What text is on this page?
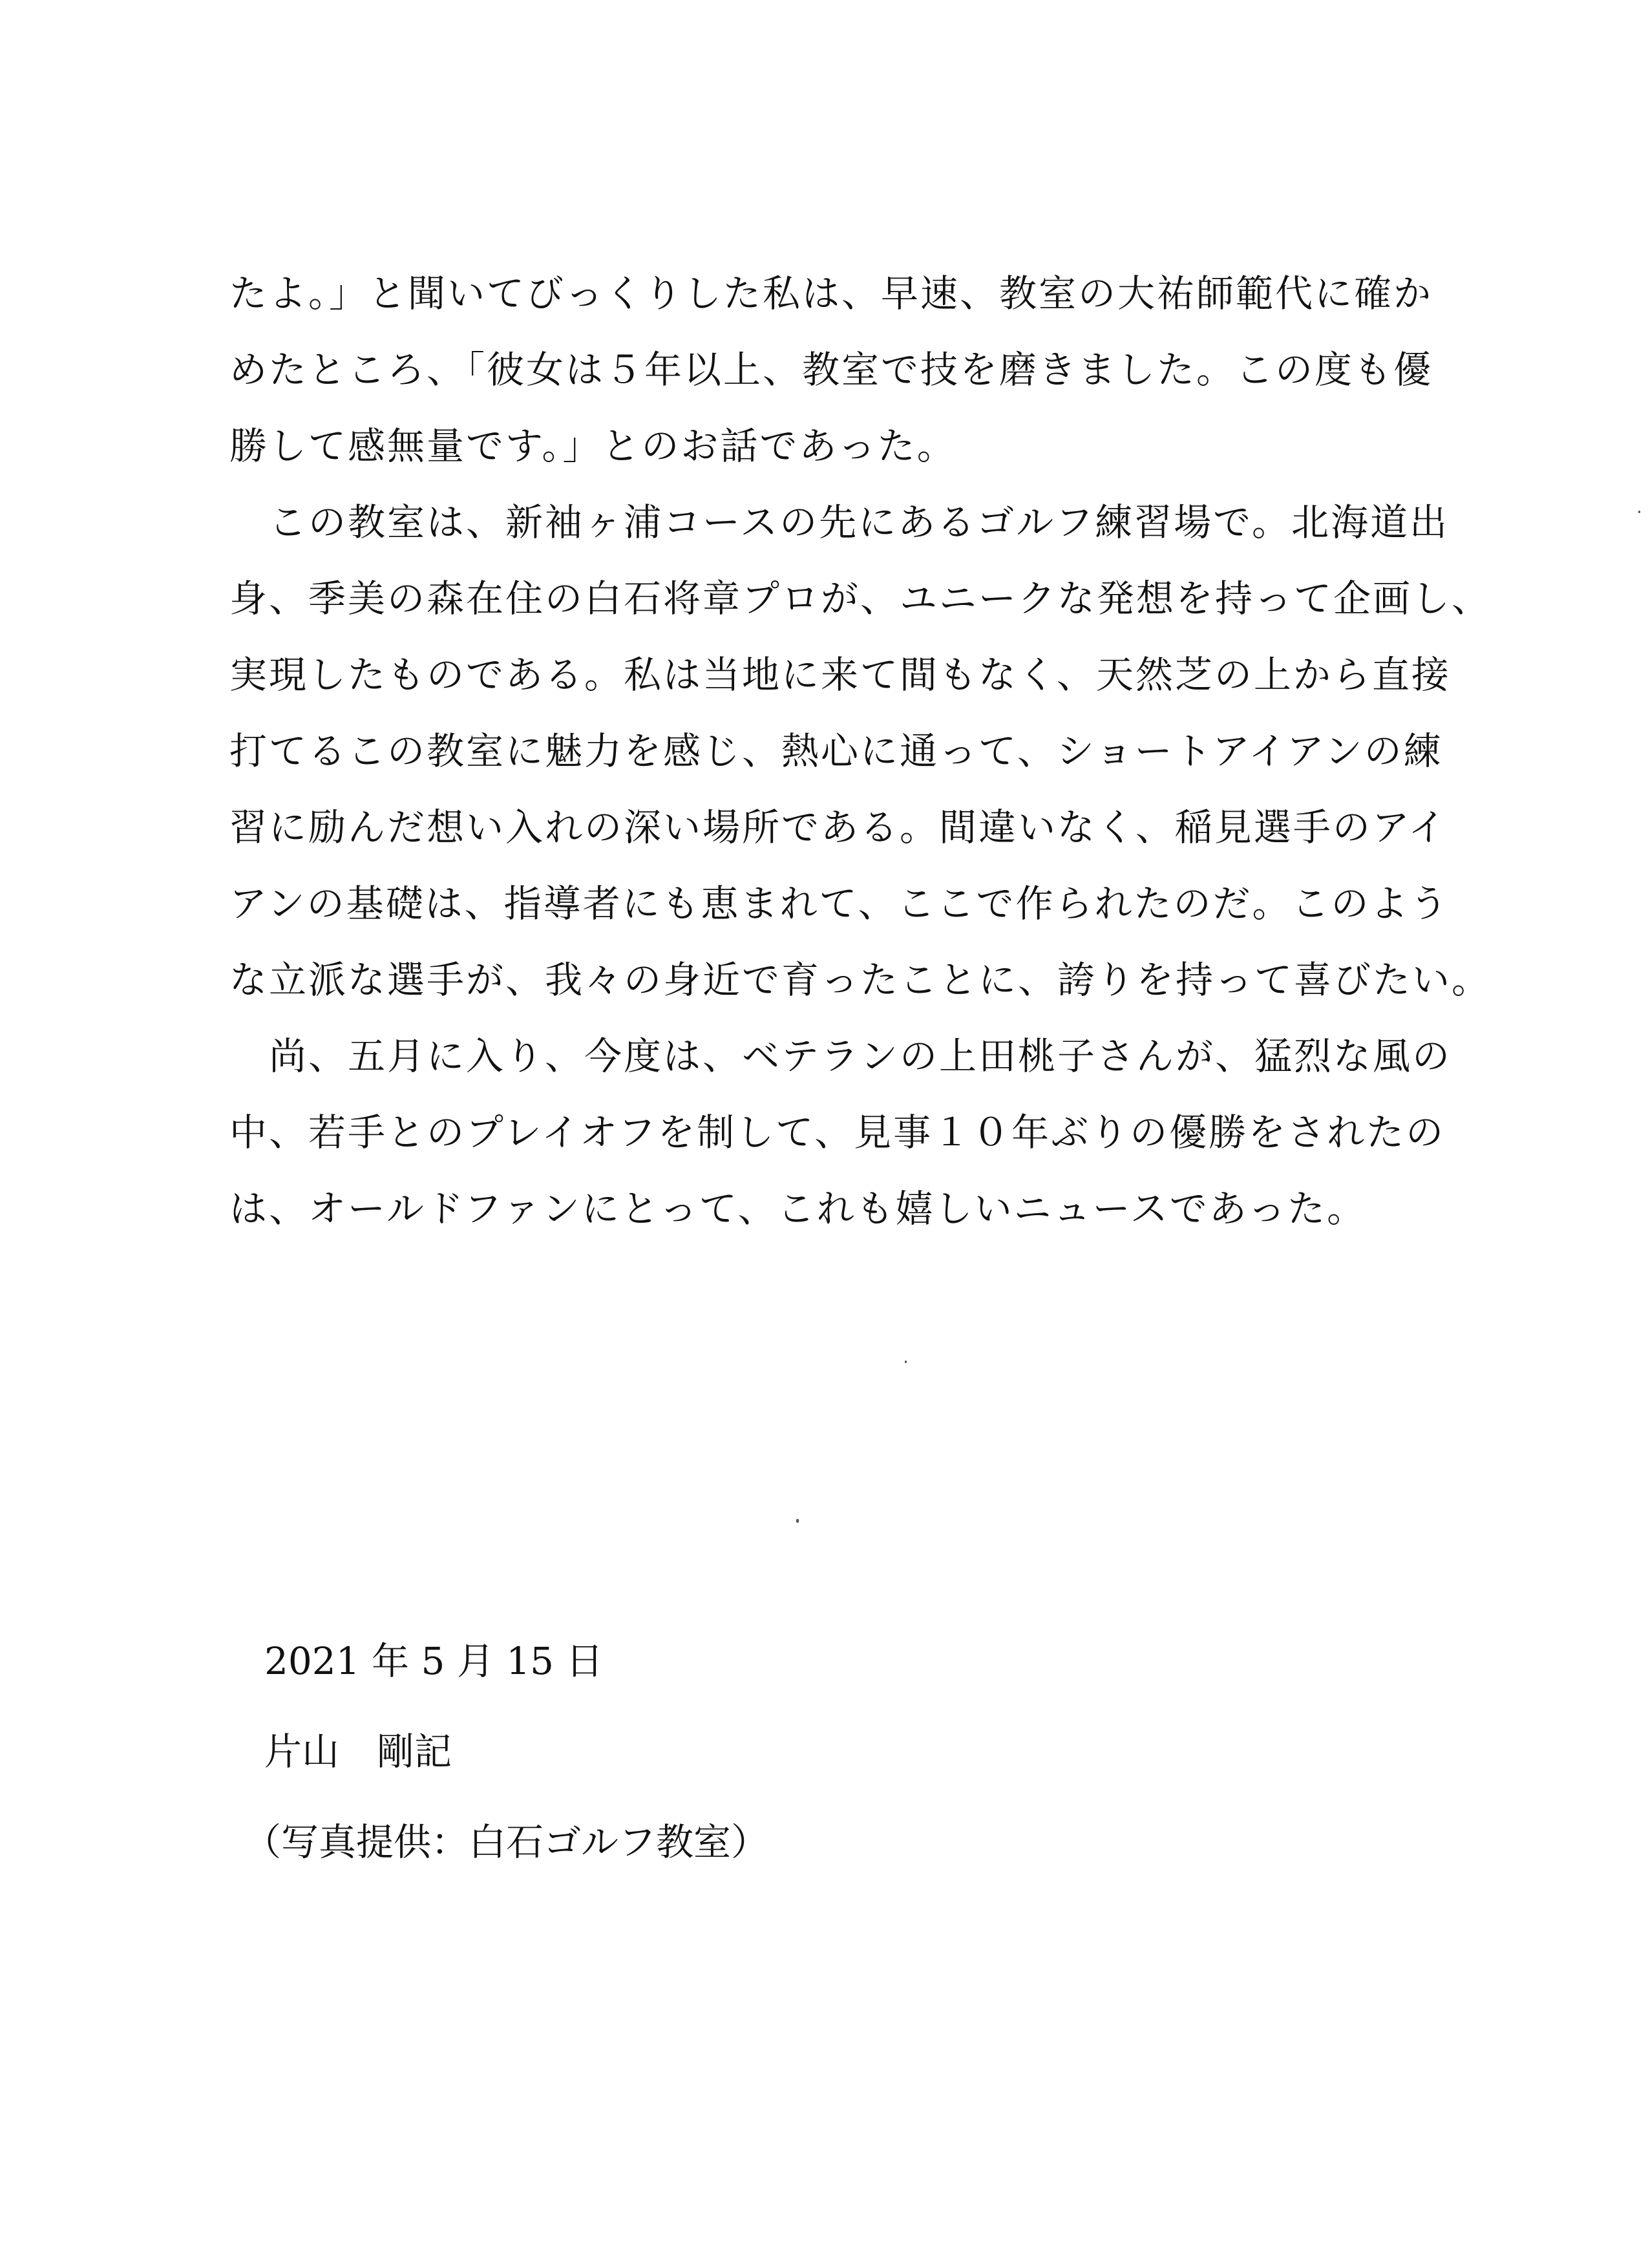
たよ。」と聞いてびっくりした私は、早速、教室の大祐師範代に確か
めたところ、「彼女は５年以上、教室で技を磨きました。この度も優
勝して感無量です。」とのお話であった。
　この教室は、新袖ヶ浦コースの先にあるゴルフ練習場で。北海道出
身、季美の森在住の白石将章プロが、ユニークな発想を持って企画し、
実現したものである。私は当地に来て間もなく、天然芝の上から直接
打てるこの教室に魅力を感じ、熱心に通って、ショートアイアンの練
習に励んだ想い入れの深い場所である。間違いなく、稲見選手のアイ
アンの基礎は、指導者にも恵まれて、ここで作られたのだ。このよう
な立派な選手が、我々の身近で育ったことに、誇りを持って喜びたい。
　尚、五月に入り、今度は、ベテランの上田桃子さんが、猛烈な風の
中、若手とのプレイオフを制して、見事１０年ぶりの優勝をされたの
は、オールドファンにとって、これも嬉しいニュースであった。
2021 年 5 月 15 日
片山　剛記
（写真提供：白石ゴルフ教室）
